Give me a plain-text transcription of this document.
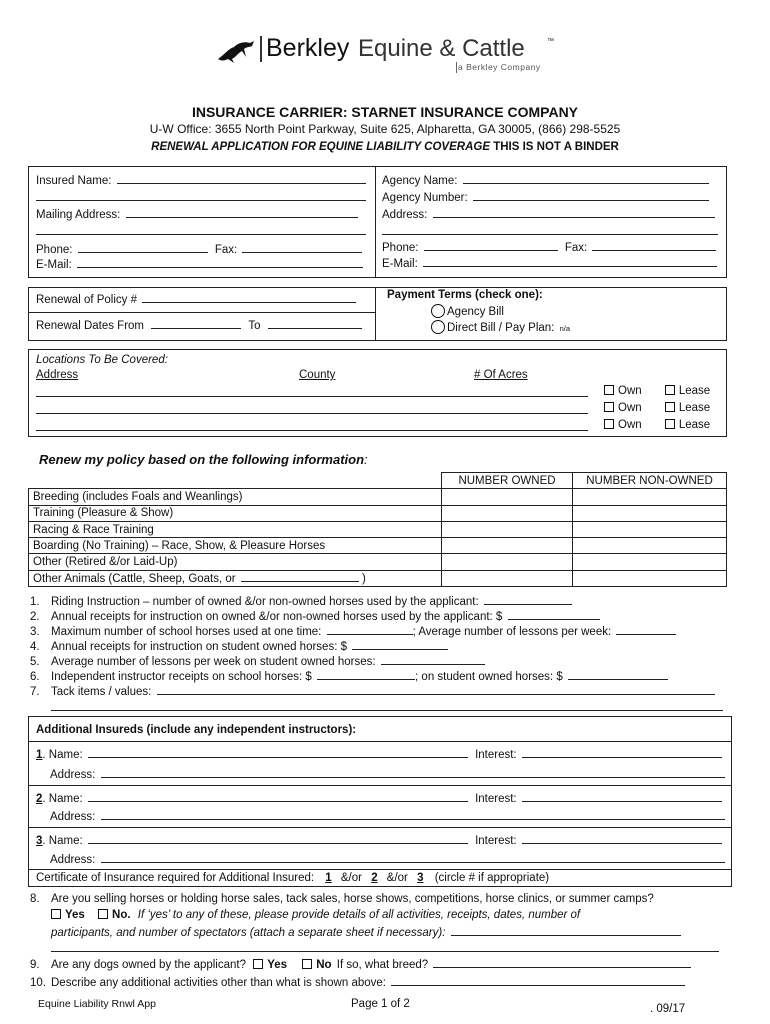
Berkley Equine & Cattle	™
a Berkley Company
INSURANCE CARRIER: STARNET INSURANCE COMPANY
U-W Office: 3655 North Point Parkway, Suite 625, Alpharetta, GA 30005, (866) 298-5525
RENEWAL APPLICATION FOR EQUINE LIABILITY COVERAGE THIS IS NOT A BINDER
Insured Name:
Mailing Address:
Phone:	Fax:
E-Mail:
Agency Name:
Agency Number:
Address:
Phone:	Fax:
E-Mail:
Renewal of Policy #
Renewal Dates From	To
Payment Terms (check one):
Agency Bill
Direct Bill / Pay Plan: n/a
Locations To Be Covered:
Address	County	# Of Acres
Own	Lease
Own	Lease
Own	Lease
Renew my policy based on the following information:
	NUMBER OWNED	NUMBER NON-OWNED
Breeding (includes Foals and Weanlings)		
Training (Pleasure & Show)		
Racing & Race Training		
Boarding (No Training) – Race, Show, & Pleasure Horses		
Other (Retired &/or Laid-Up)		
Other Animals (Cattle, Sheep, Goats, or )		
1. Riding Instruction – number of owned &/or non-owned horses used by the applicant:
2. Annual receipts for instruction on owned &/or non-owned horses used by the applicant: $
3. Maximum number of school horses used at one time:	; Average number of lessons per week:
4. Annual receipts for instruction on student owned horses: $
5. Average number of lessons per week on student owned horses:
6. Independent instructor receipts on school horses: $	; on student owned horses: $
7. Tack items / values:
Additional Insureds (include any independent instructors):
1. Name:	Interest:
Address:
2. Name:	Interest:
Address:
3. Name:	Interest:
Address:
Certificate of Insurance required for Additional Insured: 1 &/or 2 &/or 3 (circle # if appropriate)
8. Are you selling horses or holding horse sales, tack sales, horse shows, competitions, horse clinics, or summer camps?
Yes No. If ‘yes’ to any of these, please provide details of all activities, receipts, dates, number of
participants, and number of spectators (attach a separate sheet if necessary):
9. Are any dogs owned by the applicant? Yes	No If so, what breed?
10. Describe any additional activities other than what is shown above:
Equine Liability Rnwl App	Page 1 of 2	. 09/17
